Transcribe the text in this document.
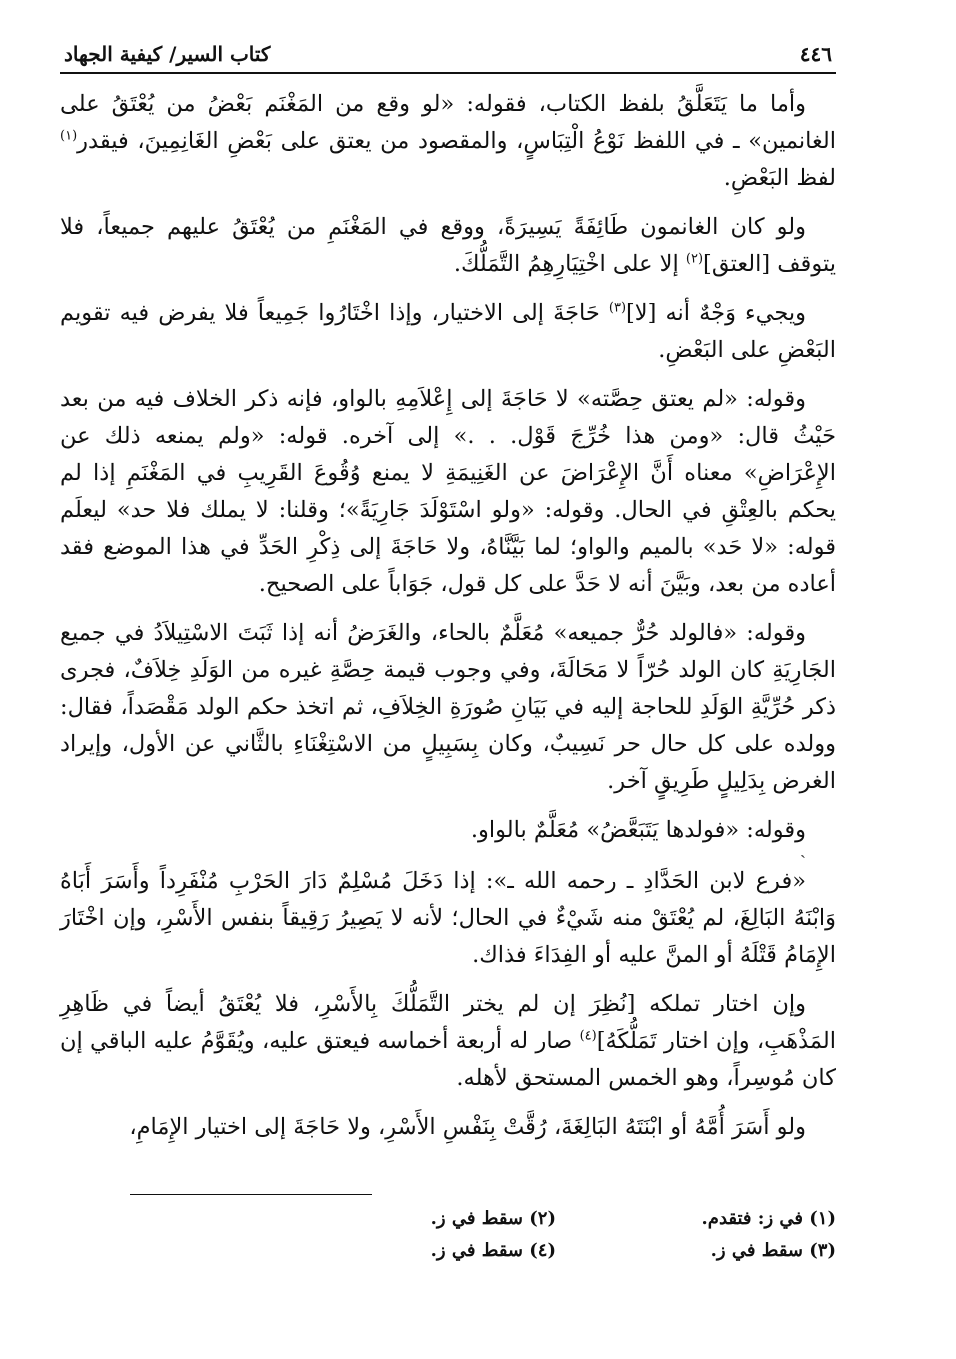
٤٤٦
كتاب السير/ كيفية الجهاد

وأما ما يَتَعَلَّقُ بلفظ الكتاب، فقوله: «لو وقع من المَغْنَم بَعْضُ من يُعْتَقُ على الغانمين» ـ في اللفظ نَوْعُ الْتِبَاسٍ، والمقصود من يعتق على بَعْضِ الغَانِمِينَ، فيقدر$^{(١)}$ لفظ البَعْضِ.

ولو كان الغانمون طَائِفَةً يَسِيرَةً، ووقع في المَغْنَمِ من يُعْتَقُ عليهم جميعاً، فلا يتوقف [العتق]$^{(٢)}$ إلا على اخْتِيَارِهِمُ التَّمَلُّكَ.

ويجيء وَجْهٌ أنه [لا]$^{(٣)}$ حَاجَةَ إلى الاختيار، وإذا اخْتَارُوا جَمِيعاً فلا يفرض فيه تقويم البَعْضِ على البَعْضِ.

وقوله: «لم يعتق حِصَّته» لا حَاجَةَ إلى إِعْلاَمِهِ بالواو، فإنه ذكر الخلاف فيه من بعد حَيْثُ قال: «ومن هذا خُرِّجَ قَوْل. . .» إلى آخره. قوله: «ولم يمنعه ذلك عن الإِعْرَاضِ» معناه أَنَّ الإِعْرَاضَ عن الغَنِيمَةِ لا يمنع وُقُوعَ القَرِيبِ في المَغْنَمِ إذا لم يحكم بالعِتْقِ في الحال. وقوله: «ولو اسْتَوْلَدَ جَارِيَةً»؛ وقلنا: لا يملك فلا حد» ليعلَم قوله: «لا حَد» بالميم والواو؛ لما بَيَّنَّاهُ، ولا حَاجَةَ إلى ذِكْرِ الحَدِّ في هذا الموضع فقد أعاده من بعد، وبَيَّنَ أنه لا حَدَّ على كل قول، جَوَاباً على الصحيح.

وقوله: «فالولد حُرٌّ جميعه» مُعَلَّمٌ بالحاء، والغَرَضُ أنه إذا ثَبَتَ الاسْتِيلاَدُ في جميع الجَارِيَةِ كان الولد حُرّاً لا مَحَالَةَ، وفي وجوب قيمة حِصَّةِ غيره من الوَلَدِ خِلاَفٌ، فجرى ذكر حُرِّيَّةِ الوَلَدِ للحاجة إليه في بَيَانِ صُورَةِ الخِلاَفِ، ثم اتخذ حكم الولد مَقْصَداً، فقال: وولده على كل حال حر نَسِيبٌ، وكان بِسَبِيلٍ من الاسْتِغْنَاءِ بالثَّاني عن الأول، وإيراد الغرض بِدَلِيلٍ طَرِيقٍ آخر.

وقوله: «فولدها يَتَبَعَّضُ» مُعَلَّمٌ بالواو.

«فرع لابن الحَدَّادِ ـ رحمه الله ـ»: إذا دَخَلَ مُسْلِمٌ دَارَ الحَرْبِ مُنْفَرِداً وأَسَرَ أَبَاهُ وَابْنَهُ البَالِغَ، لم يُعْتَقْ منه شَيْءٌ في الحال؛ لأنه لا يَصِيرُ رَقِيقاً بنفس الأَسْرِ، وإن اخْتَارَ الإِمَامُ قَتْلَهُ أو المنَّ عليه أو الفِدَاءَ فذاك.

وإن اختار تملكه [نُظِرَ إن لم يختر التَّمَلُّكَ بِالأَسْرِ، فلا يُعْتَقُ أيضاً في ظَاهِرِ المَذْهَبِ، وإن اختار تَمَلُّكَهُ]$^{(٤)}$ صار له أربعة أخماسه فيعتق عليه، ويُقَوَّمُ عليه الباقي إن كان مُوسِراً، وهو الخمس المستحق لأهله.

ولو أَسَرَ أُمَّهُ أو ابْنَتَهُ البَالِغَةَ، رُقَّتْ بِنَفْسِ الأَسْرِ، ولا حَاجَةَ إلى اختيار الإِمَامِ،

ˎ
(١) في ز: فتقدم.
(٢) سقط في ز.
(٣) سقط في ز.
(٤) سقط في ز.
